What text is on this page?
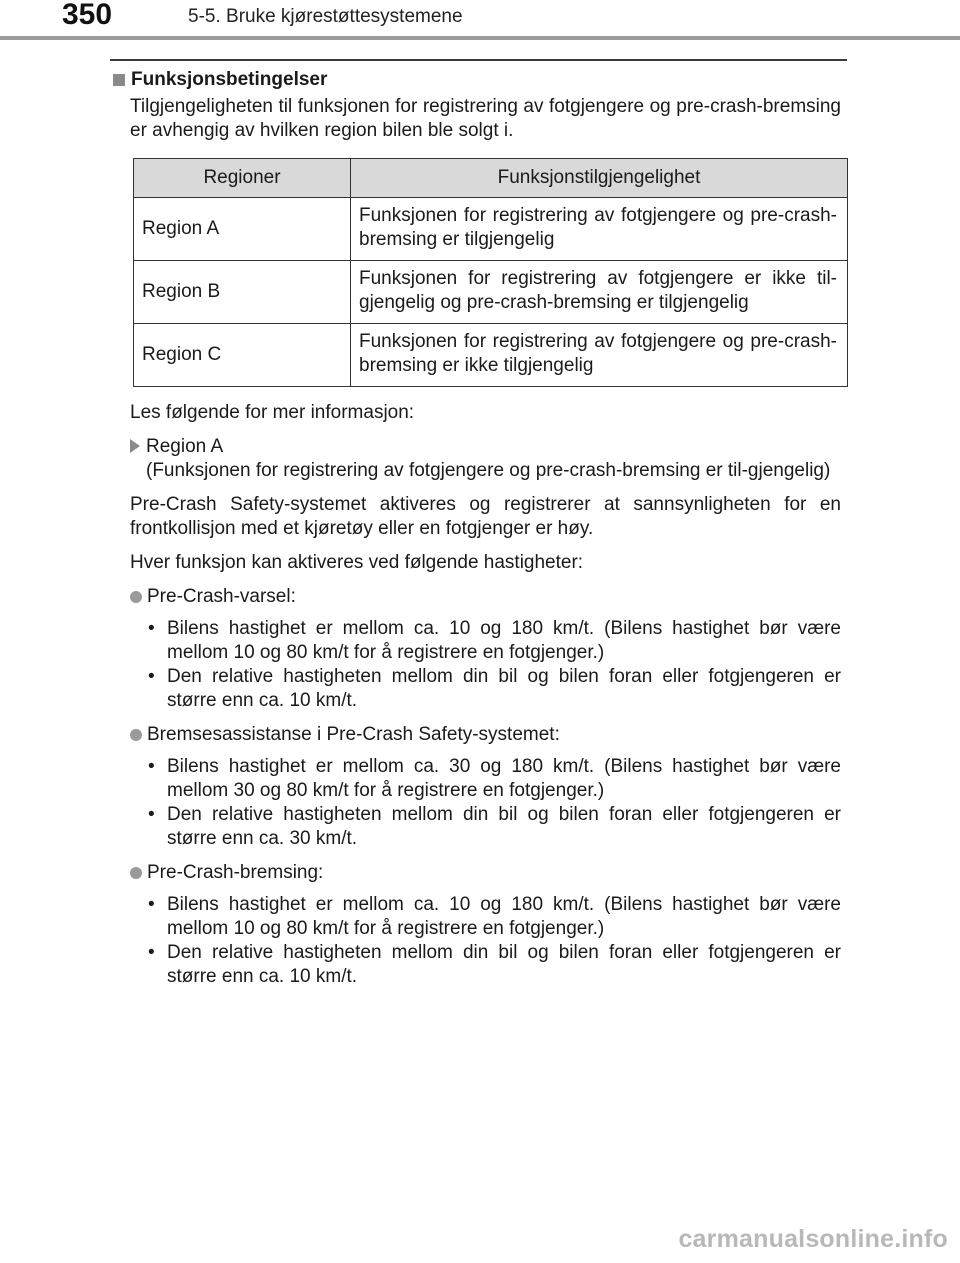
350	5-5. Bruke kjørestøttesystemene
Funksjonsbetingelser
Tilgjengeligheten til funksjonen for registrering av fotgjengere og pre-crash-bremsing er avhengig av hvilken region bilen ble solgt i.
Regioner	Funksjonstilgjengelighet
Region A	Funksjonen for registrering av fotgjengere og pre-crash-bremsing er tilgjengelig
Region B	Funksjonen for registrering av fotgjengere er ikke til-gjengelig og pre-crash-bremsing er tilgjengelig
Region C	Funksjonen for registrering av fotgjengere og pre-crash-bremsing er ikke tilgjengelig
Les følgende for mer informasjon:
Region A
(Funksjonen for registrering av fotgjengere og pre-crash-bremsing er til-gjengelig)
Pre-Crash Safety-systemet aktiveres og registrerer at sannsynligheten for en frontkollisjon med et kjøretøy eller en fotgjenger er høy.
Hver funksjon kan aktiveres ved følgende hastigheter:
Pre-Crash-varsel:
• Bilens hastighet er mellom ca. 10 og 180 km/t. (Bilens hastighet bør være mellom 10 og 80 km/t for å registrere en fotgjenger.)
• Den relative hastigheten mellom din bil og bilen foran eller fotgjengeren er større enn ca. 10 km/t.
Bremsesassistanse i Pre-Crash Safety-systemet:
• Bilens hastighet er mellom ca. 30 og 180 km/t. (Bilens hastighet bør være mellom 30 og 80 km/t for å registrere en fotgjenger.)
• Den relative hastigheten mellom din bil og bilen foran eller fotgjengeren er større enn ca. 30 km/t.
Pre-Crash-bremsing:
• Bilens hastighet er mellom ca. 10 og 180 km/t. (Bilens hastighet bør være mellom 10 og 80 km/t for å registrere en fotgjenger.)
• Den relative hastigheten mellom din bil og bilen foran eller fotgjengeren er større enn ca. 10 km/t.
carmanualsonline.info
